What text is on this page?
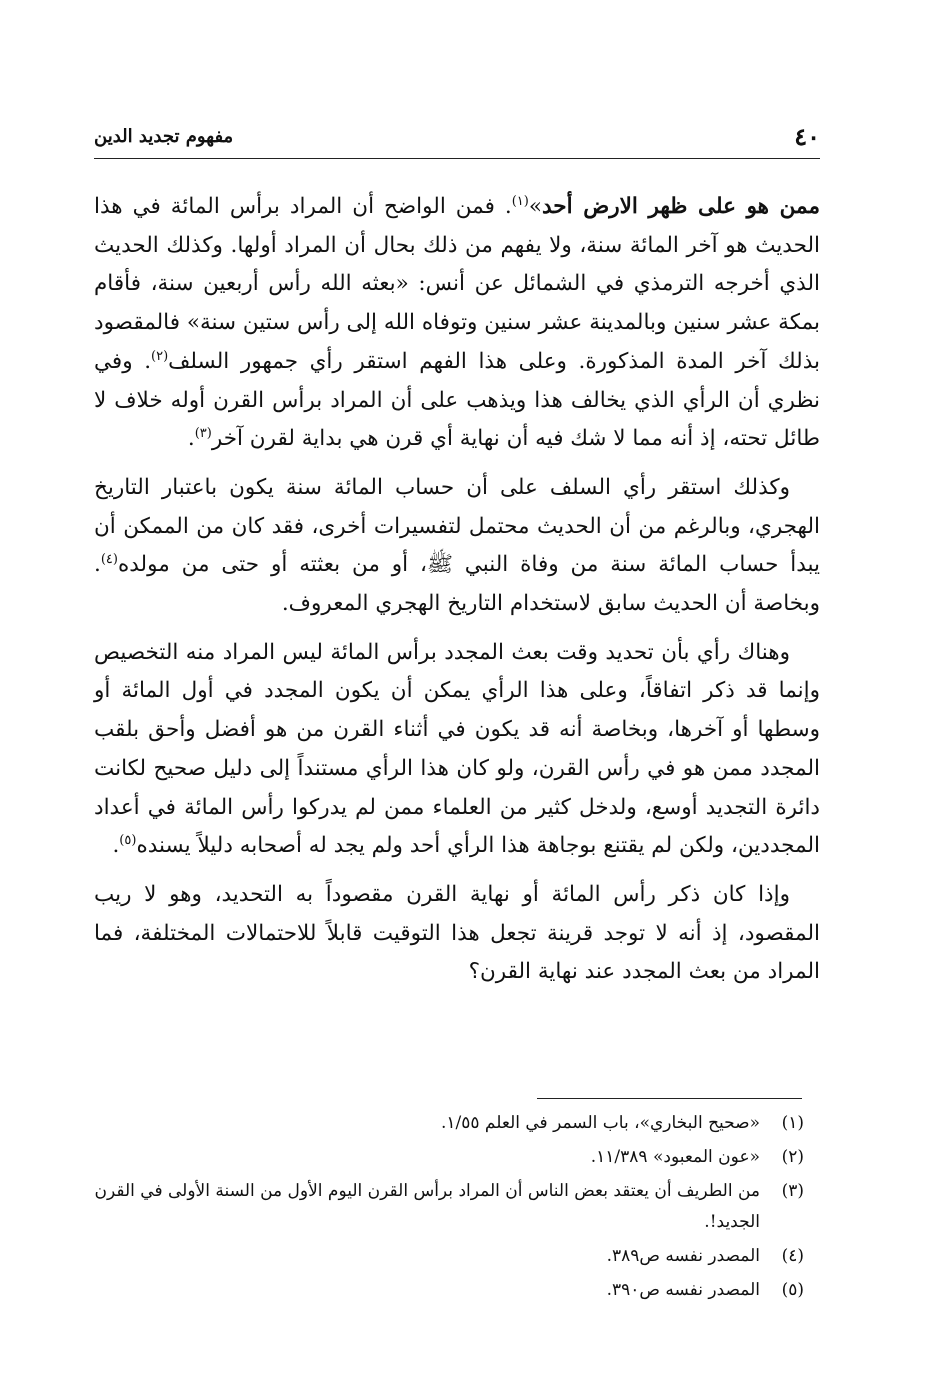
٤٠
مفهوم تجديد الدين

ممن هو على ظهر الارض أحد»$^{(١)}$. فمن الواضح أن المراد برأس المائة في هذا الحديث هو آخر المائة سنة، ولا يفهم من ذلك بحال أن المراد أولها. وكذلك الحديث الذي أخرجه الترمذي في الشمائل عن أنس: «بعثه الله رأس أربعين سنة، فأقام بمكة عشر سنين وبالمدينة عشر سنين وتوفاه الله إلى رأس ستين سنة» فالمقصود بذلك آخر المدة المذكورة. وعلى هذا الفهم استقر رأي جمهور السلف$^{(٢)}$. وفي نظري أن الرأي الذي يخالف هذا ويذهب على أن المراد برأس القرن أوله خلاف لا طائل تحته، إذ أنه مما لا شك فيه أن نهاية أي قرن هي بداية لقرن آخر$^{(٣)}$.

وكذلك استقر رأي السلف على أن حساب المائة سنة يكون باعتبار التاريخ الهجري، وبالرغم من أن الحديث محتمل لتفسيرات أخرى، فقد كان من الممكن أن يبدأ حساب المائة سنة من وفاة النبي ﷺ، أو من بعثته أو حتى من مولده$^{(٤)}$. وبخاصة أن الحديث سابق لاستخدام التاريخ الهجري المعروف.

وهناك رأي بأن تحديد وقت بعث المجدد برأس المائة ليس المراد منه التخصيص وإنما قد ذكر اتفاقاً، وعلى هذا الرأي يمكن أن يكون المجدد في أول المائة أو وسطها أو آخرها، وبخاصة أنه قد يكون في أثناء القرن من هو أفضل وأحق بلقب المجدد ممن هو في رأس القرن، ولو كان هذا الرأي مستنداً إلى دليل صحيح لكانت دائرة التجديد أوسع، ولدخل كثير من العلماء ممن لم يدركوا رأس المائة في أعداد المجددين، ولكن لم يقتنع بوجاهة هذا الرأي أحد ولم يجد له أصحابه دليلاً يسنده$^{(٥)}$.

وإذا كان ذكر رأس المائة أو نهاية القرن مقصوداً به التحديد، وهو لا ريب المقصود، إذ أنه لا توجد قرينة تجعل هذا التوقيت قابلاً للاحتمالات المختلفة، فما المراد من بعث المجدد عند نهاية القرن؟

(١)
«صحيح البخاري»، باب السمر في العلم ١/٥٥.

(٢)
«عون المعبود» ١١/٣٨٩.

(٣)
من الطريف أن يعتقد بعض الناس أن المراد برأس القرن اليوم الأول من السنة الأولى في القرن الجديد!.

(٤)
المصدر نفسه ص٣٨٩.

(٥)
المصدر نفسه ص٣٩٠.
